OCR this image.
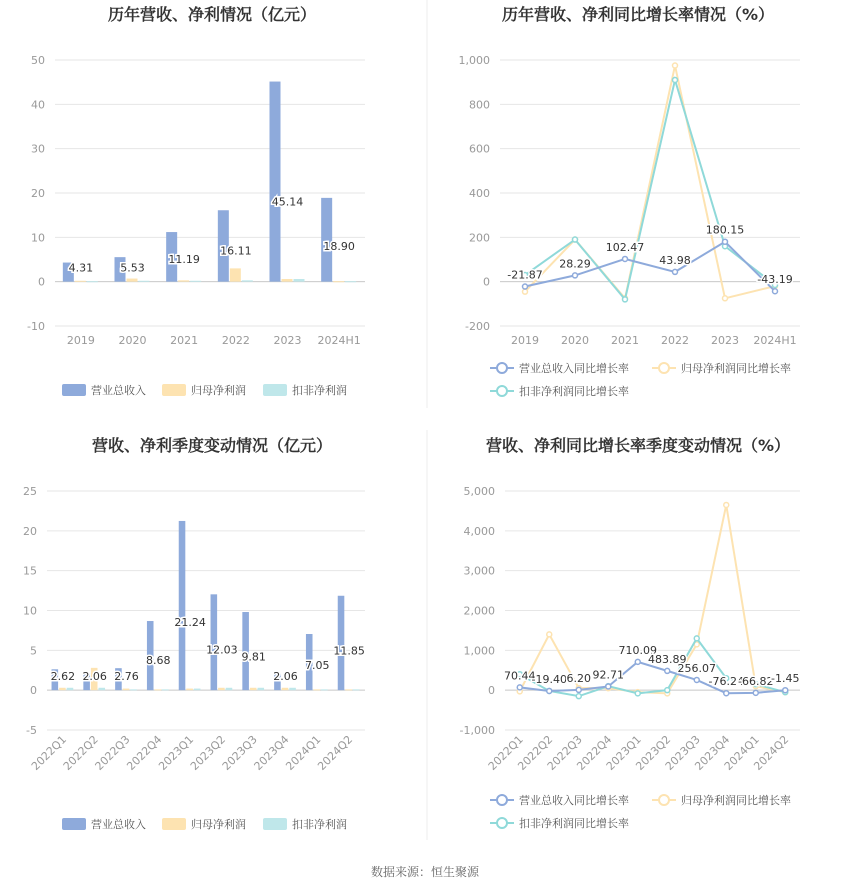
数据来源：恒生聚源
历年营收、净利情况（亿元）
-10
0
10
20
30
40
50
2019 2020 2021 2022 2023 2024H1
4.31 5.53
11.19
16.11
45.14
18.90
营业总收入	归母净利润	扣非净利润
历年营收、净利同比增长率情况（%）
-200
0
200
400
600
800
1,000
2019 2020 2021 2022 2023 2024H1
-21.87
28.29
102.47
43.98
180.15
-43.19
营业总收入同比增长率	归母净利润同比增长率
扣非净利润同比增长率
营收、净利季度变动情况（亿元）
-5
0
5
10
15
20
25
2022Q1
2022Q2
2022Q3
2022Q4
2023Q1
2023Q2
2023Q3
2023Q4
2024Q1
2024Q2
2.62 2.06 2.76
8.68
21.24
12.03
9.81
2.06
7.05
11.85
营业总收入	归母净利润	扣非净利润
营收、净利同比增长率季度变动情况（%）
-1,000
0
1,000
2,000
3,000
4,000
5,000
2022Q1
2022Q2
2022Q3
2022Q4
2023Q1
2023Q2
2023Q3
2023Q4
2024Q1
2024Q2
70.44
-19.40 6.20 92.71
710.09
483.89
256.07
-76.24
-66.82
-1.45
营业总收入同比增长率	归母净利润同比增长率
扣非净利润同比增长率
